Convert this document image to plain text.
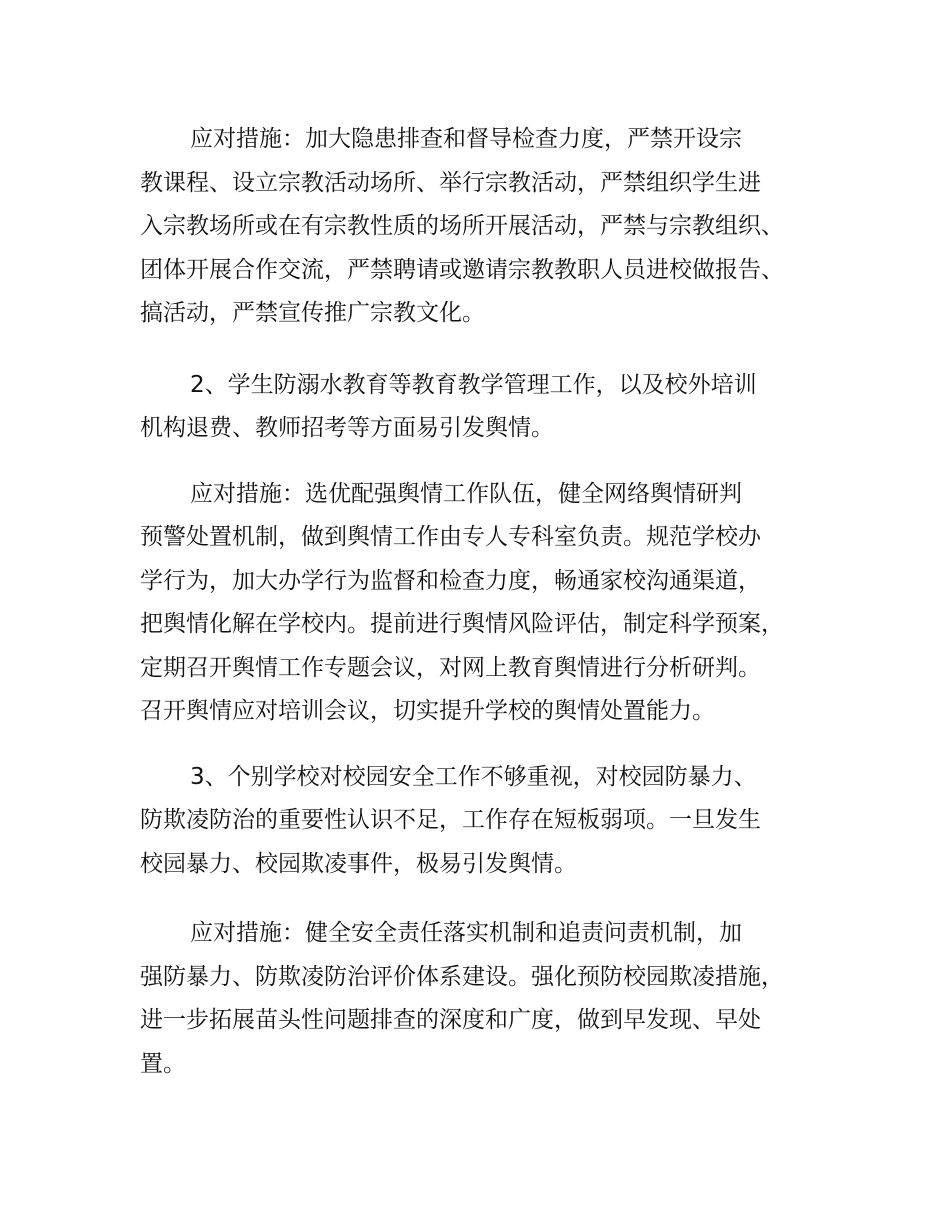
应对措施：加大隐患排查和督导检查力度，严禁开设宗
教课程、设立宗教活动场所、举行宗教活动，严禁组织学生进
入宗教场所或在有宗教性质的场所开展活动，严禁与宗教组织、
团体开展合作交流，严禁聘请或邀请宗教教职人员进校做报告、
搞活动，严禁宣传推广宗教文化。

2、学生防溺水教育等教育教学管理工作，以及校外培训
机构退费、教师招考等方面易引发舆情。

应对措施：选优配强舆情工作队伍，健全网络舆情研判
预警处置机制，做到舆情工作由专人专科室负责。规范学校办
学行为，加大办学行为监督和检查力度，畅通家校沟通渠道，
把舆情化解在学校内。提前进行舆情风险评估，制定科学预案，
定期召开舆情工作专题会议，对网上教育舆情进行分析研判。
召开舆情应对培训会议，切实提升学校的舆情处置能力。

3、个别学校对校园安全工作不够重视，对校园防暴力、
防欺凌防治的重要性认识不足，工作存在短板弱项。一旦发生
校园暴力、校园欺凌事件，极易引发舆情。

应对措施：健全安全责任落实机制和追责问责机制，加
强防暴力、防欺凌防治评价体系建设。强化预防校园欺凌措施，
进一步拓展苗头性问题排查的深度和广度，做到早发现、早处
置。
